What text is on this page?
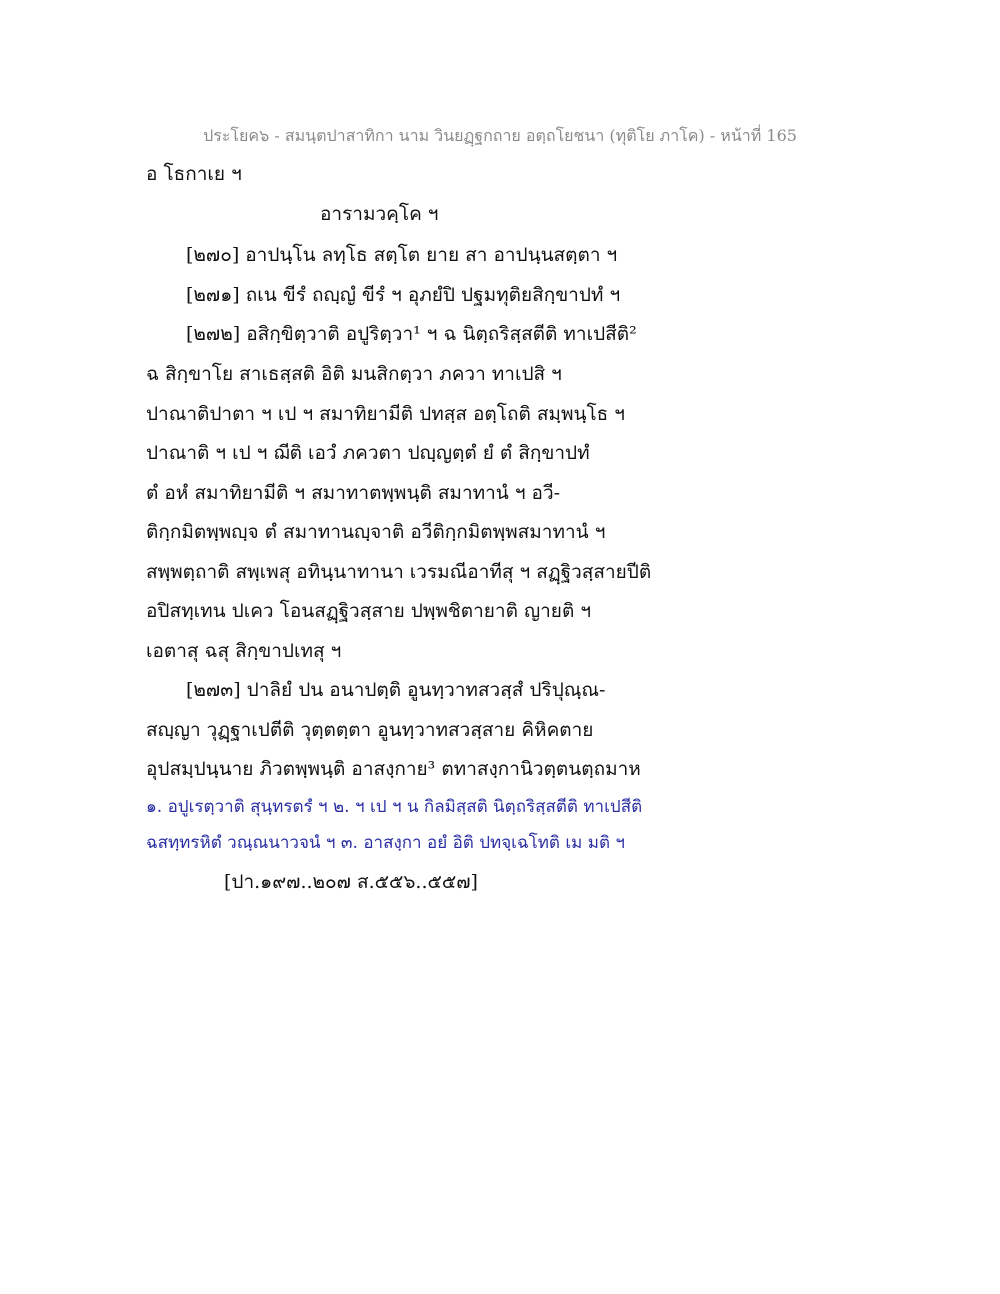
ประโยค๖ - สมนฺตปาสาทิกา นาม วินยฏฺฐกถาย อตฺถโยชนา (ทุติโย ภาโค) - หน้าที่ 165
อ โธกาเย ฯ
อารามวคฺโค ฯ
[๒๗๐] อาปนฺโน ลทฺโธ สตฺโต ยาย สา อาปนฺนสตฺตา ฯ
[๒๗๑] ถเน ขีรํ ถญฺญํ ขีรํ ฯ อุภยํปิ ปฐมทุติยสิกฺขาปทํ ฯ
[๒๗๒] อสิกฺขิตฺวาติ อปูริตฺวา¹ ฯ ฉ นิตฺถริสฺสตีติ ทาเปสีติ²
ฉ สิกฺขาโย สาเธสฺสติ อิติ มนสิกตฺวา ภควา ทาเปสิ ฯ
ปาณาติปาตา ฯ เป ฯ สมาทิยามีติ ปทสฺส อตฺโถติ สมฺพนฺโธ ฯ
ปาณาติ ฯ เป ฯ ฌีติ เอวํ ภควตา ปญฺญตฺตํ ยํ ตํ สิกฺขาปทํ
ตํ อหํ สมาทิยามีติ ฯ สมาทาตพฺพนฺติ สมาทานํ ฯ อวี-
ติกฺกมิตพฺพญฺจ ตํ สมาทานญฺจาติ อวีติกฺกมิตพฺพสมาทานํ ฯ
สพฺพตฺถาติ สพฺเพสุ อทินฺนาทานา เวรมณีอาทีสุ ฯ สฏฺฐิวสฺสายปีติ
อปิสทฺเทน ปเคว โอนสฏฺฐิวสฺสาย ปพฺพชิตายาติ ญายติ ฯ
เอตาสุ ฉสุ สิกฺขาปเทสุ ฯ
[๒๗๓] ปาลิยํ ปน อนาปตฺติ อูนทฺวาทสวสฺสํ ปริปุณฺณ-
สญฺญา วุฏฺฐาเปตีติ วุตฺตตฺตา อูนทฺวาทสวสฺสาย คิหิคตาย
อุปสมฺปนฺนาย ภิวตพฺพนฺติ อาสงฺกาย³ ตทาสงฺกานิวตฺตนตฺถมาห
๑. อปูเรตฺวาติ สุนฺทรตรํ ฯ ๒. ฯ เป ฯ น กิลมิสฺสติ นิตฺถริสฺสตีติ ทาเปสีติ
ฉสทฺทรหิตํ วณฺณนาวจนํ ฯ ๓. อาสงฺกา อยํ อิติ ปทจฺเฉโทติ เม มติ ฯ
[ปา.๑๙๗..๒๐๗ ส.๕๕๖..๕๕๗]
